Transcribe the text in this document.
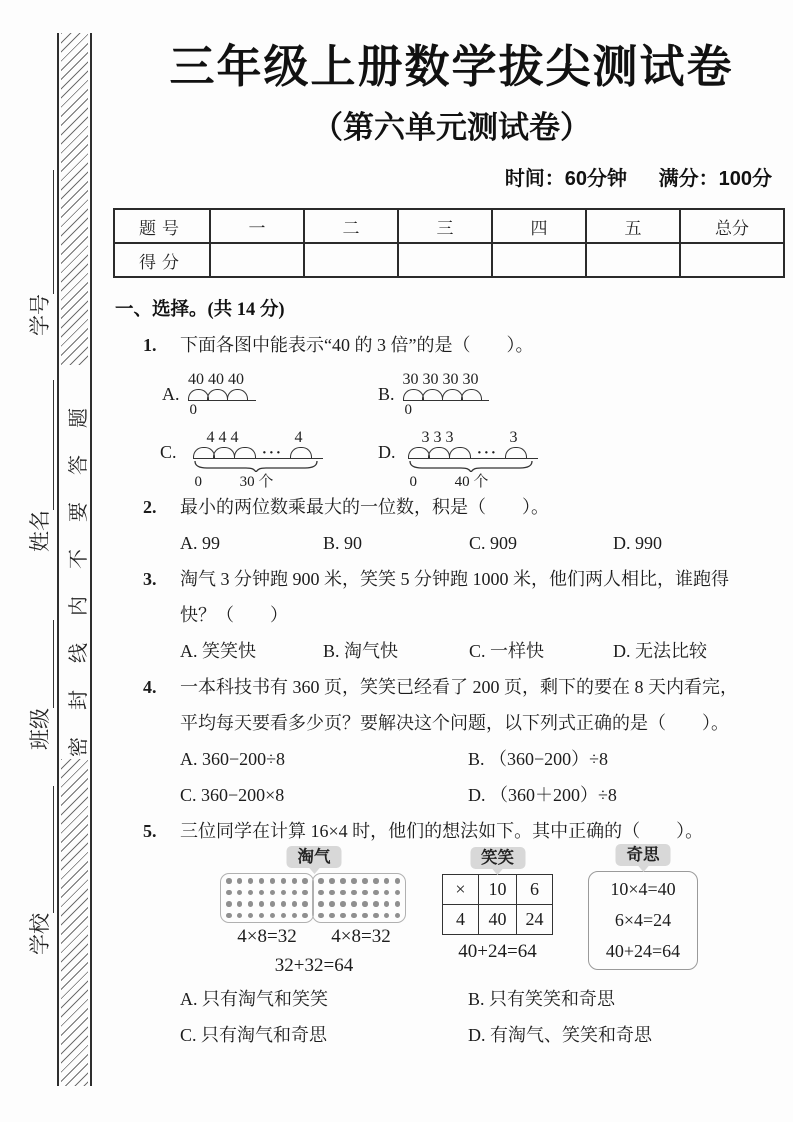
学校
班级
姓名
学号
密封线内不要答题
三年级上册数学拔尖测试卷
（第六单元测试卷）
时间：60分钟 满分：100分
题号	一	二	三	四	五	总分
得分						
一、选择。(共 14 分)
1. 下面各图中能表示“40 的 3 倍”的是（　　）。
A.
40 40 40
0
B.
30 30 30 30
0
C.
4 4 4	4
···
0	30 个
D.
3 3 3	3
···
0	40 个
2. 最小的两位数乘最大的一位数，积是（　　）。
A. 99	B. 90	C. 909	D. 990
3. 淘气 3 分钟跑 900 米，笑笑 5 分钟跑 1000 米，他们两人相比，谁跑得
快？（　　）
A. 笑笑快	B. 淘气快	C. 一样快	D. 无法比较
4. 一本科技书有 360 页，笑笑已经看了 200 页，剩下的要在 8 天内看完，
平均每天要看多少页？要解决这个问题，以下列式正确的是（　　）。
A. 360−200÷8	B. （360−200）÷8
C. 360−200×8	D. （360＋200）÷8
5. 三位同学在计算 16×4 时，他们的想法如下。其中正确的（　　）。
淘气
4×8=32	4×8=32
32+32=64
笑笑
×	10	6
4	40	24
40+24=64
奇思
10×4=40
6×4=24
40+24=64
A. 只有淘气和笑笑	B. 只有笑笑和奇思
C. 只有淘气和奇思	D. 有淘气、笑笑和奇思
